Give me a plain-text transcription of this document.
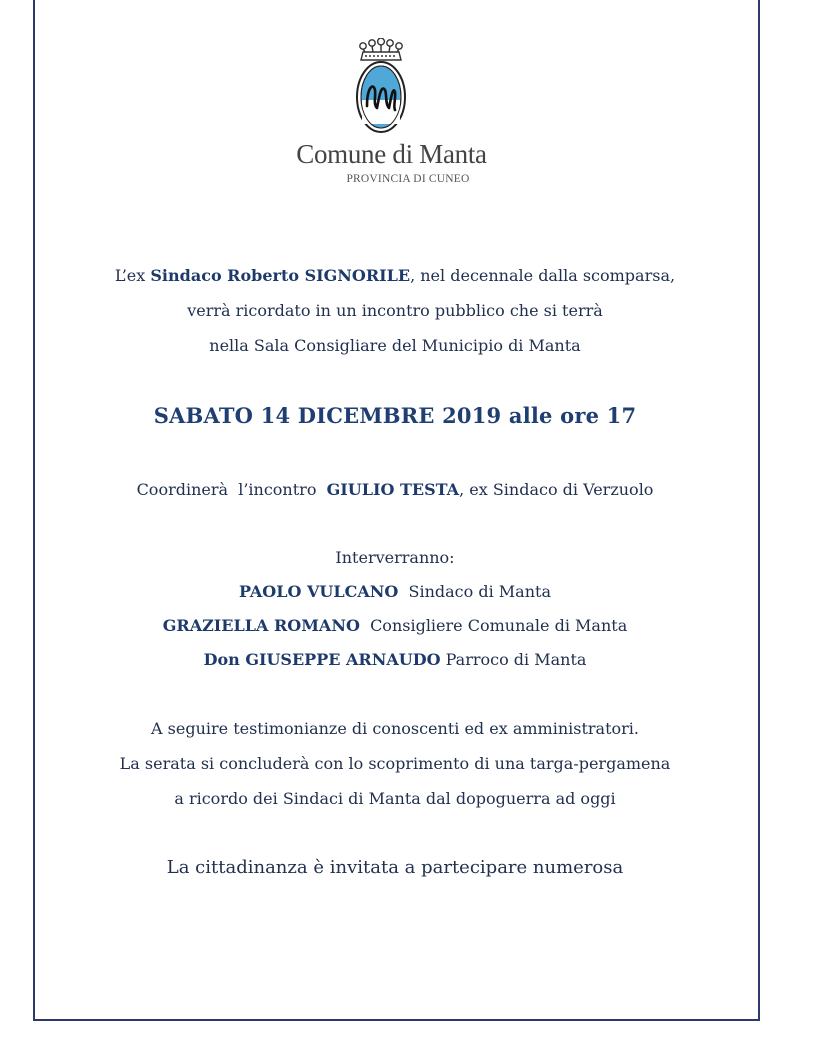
Comune di Manta
PROVINCIA DI CUNEO
L’ex Sindaco Roberto SIGNORILE, nel decennale dalla scomparsa,
verrà ricordato in un incontro pubblico che si terrà
nella Sala Consigliare del Municipio di Manta
SABATO 14 DICEMBRE 2019 alle ore 17
Coordinerà  l’incontro  GIULIO TESTA, ex Sindaco di Verzuolo
Interverranno:
PAOLO VULCANO  Sindaco di Manta
GRAZIELLA ROMANO  Consigliere Comunale di Manta
Don GIUSEPPE ARNAUDO Parroco di Manta
A seguire testimonianze di conoscenti ed ex amministratori.
La serata si concluderà con lo scoprimento di una targa-pergamena
a ricordo dei Sindaci di Manta dal dopoguerra ad oggi
La cittadinanza è invitata a partecipare numerosa
